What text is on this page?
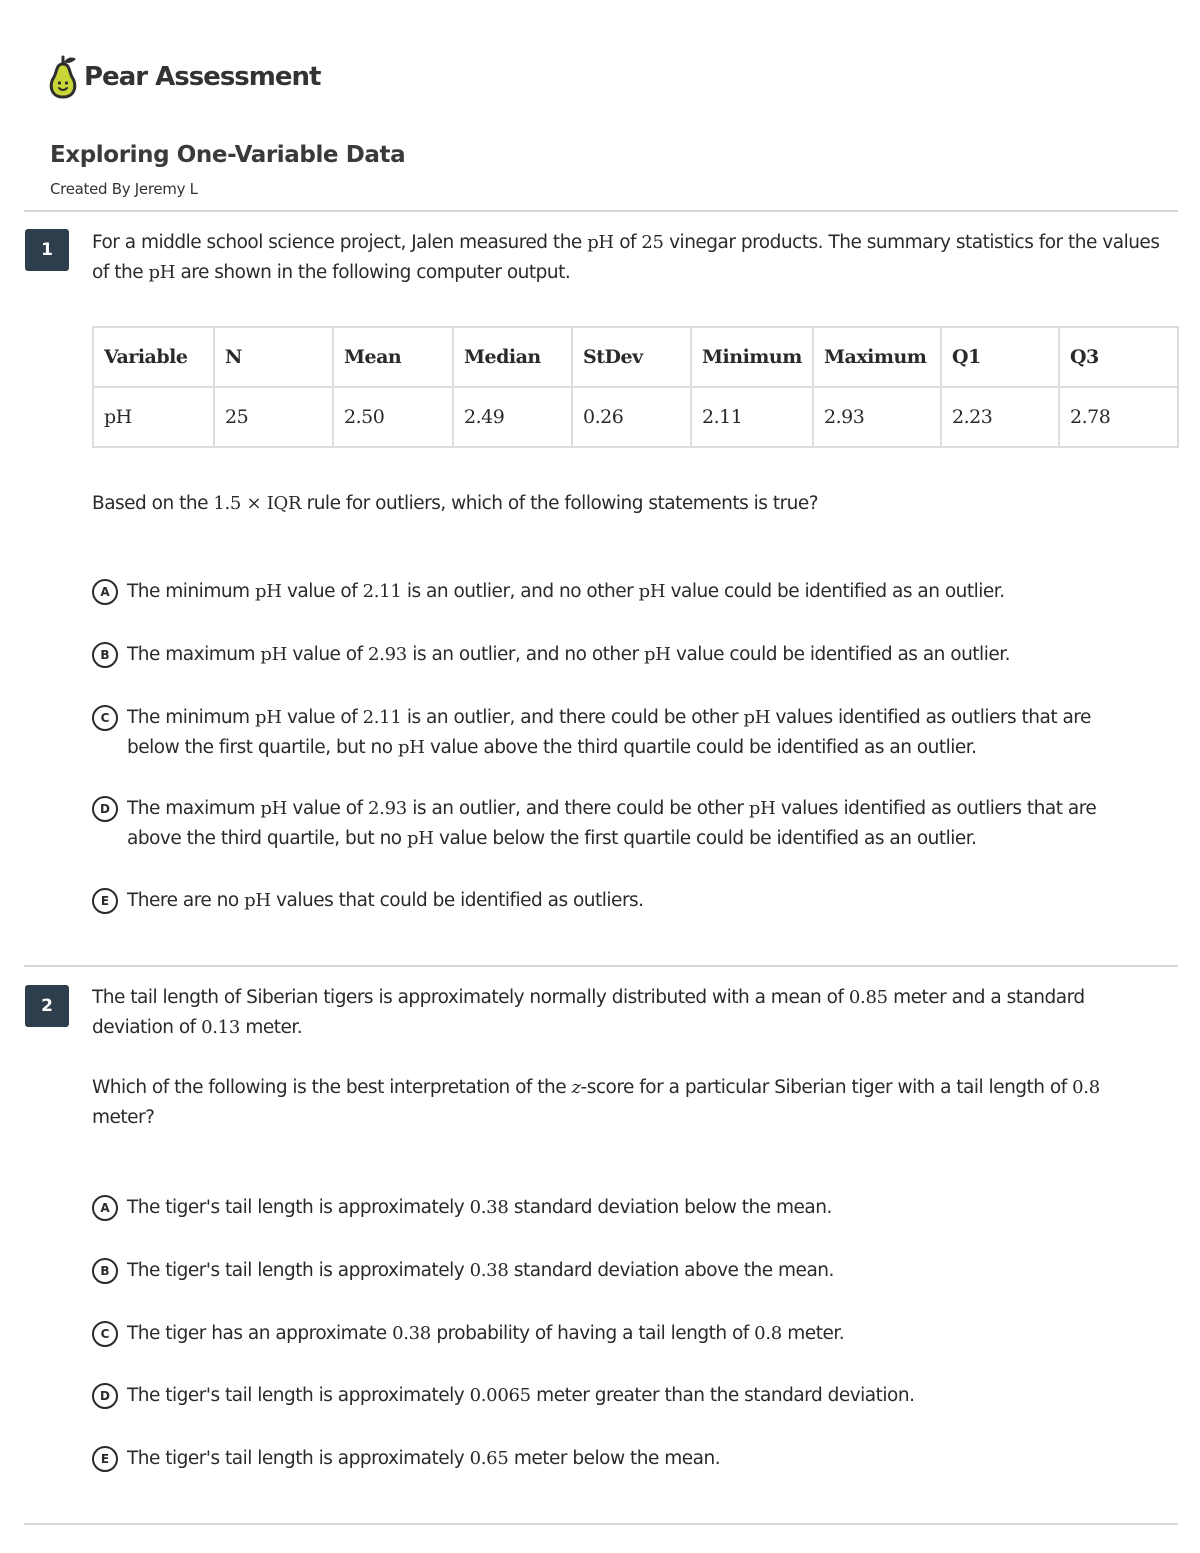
Pear Assessment
Exploring One-Variable Data
Created By Jeremy L
1	For a middle school science project, Jalen measured the pH of 25 vinegar products. The summary statistics for the values of the pH are shown in the following computer output.
Variable	N	Mean	Median	StDev	Minimum	Maximum	Q1	Q3
pH	25	2.50	2.49	0.26	2.11	2.93	2.23	2.78
Based on the 1.5 × IQR rule for outliers, which of the following statements is true?
A The minimum pH value of 2.11 is an outlier, and no other pH value could be identified as an outlier.
B The maximum pH value of 2.93 is an outlier, and no other pH value could be identified as an outlier.
C The minimum pH value of 2.11 is an outlier, and there could be other pH values identified as outliers that are below the first quartile, but no pH value above the third quartile could be identified as an outlier.
D The maximum pH value of 2.93 is an outlier, and there could be other pH values identified as outliers that are above the third quartile, but no pH value below the first quartile could be identified as an outlier.
E There are no pH values that could be identified as outliers.
2	The tail length of Siberian tigers is approximately normally distributed with a mean of 0.85 meter and a standard deviation of 0.13 meter.
Which of the following is the best interpretation of the z-score for a particular Siberian tiger with a tail length of 0.8 meter?
A The tiger's tail length is approximately 0.38 standard deviation below the mean.
B The tiger's tail length is approximately 0.38 standard deviation above the mean.
C The tiger has an approximate 0.38 probability of having a tail length of 0.8 meter.
D The tiger's tail length is approximately 0.0065 meter greater than the standard deviation.
E The tiger's tail length is approximately 0.65 meter below the mean.
